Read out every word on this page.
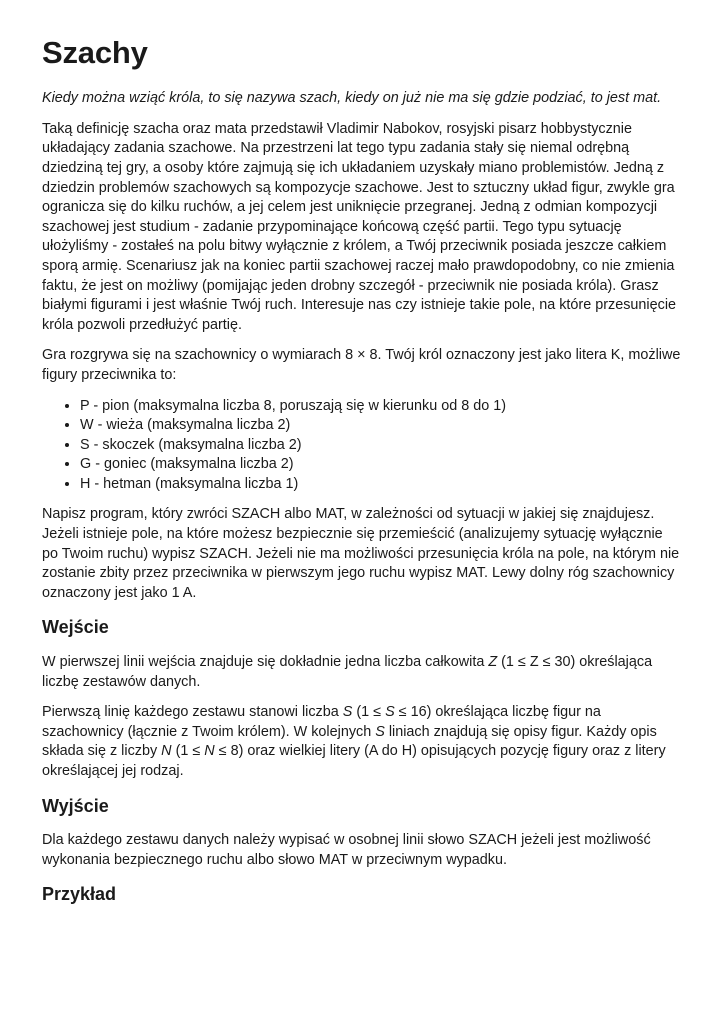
Szachy

Kiedy można wziąć króla, to się nazywa szach, kiedy on już nie ma się gdzie podziać, to jest mat.

Taką definicję szacha oraz mata przedstawił Vladimir Nabokov, rosyjski pisarz hobbystycznie układający zadania szachowe. Na przestrzeni lat tego typu zadania stały się niemal odrębną dziedziną tej gry, a osoby które zajmują się ich układaniem uzyskały miano problemistów. Jedną z dziedzin problemów szachowych są kompozycje szachowe. Jest to sztuczny układ figur, zwykle gra ogranicza się do kilku ruchów, a jej celem jest uniknięcie przegranej. Jedną z odmian kompozycji szachowej jest studium - zadanie przypominające końcową część partii. Tego typu sytuację ułożyliśmy - zostałeś na polu bitwy wyłącznie z królem, a Twój przeciwnik posiada jeszcze całkiem sporą armię. Scenariusz jak na koniec partii szachowej raczej mało prawdopodobny, co nie zmienia faktu, że jest on możliwy (pomijając jeden drobny szczegół - przeciwnik nie posiada króla). Grasz białymi figurami i jest właśnie Twój ruch. Interesuje nas czy istnieje takie pole, na które przesunięcie króla pozwoli przedłużyć partię.

Gra rozgrywa się na szachownicy o wymiarach 8 × 8. Twój król oznaczony jest jako litera K, możliwe figury przeciwnika to:

• P - pion (maksymalna liczba 8, poruszają się w kierunku od 8 do 1)
• W - wieża (maksymalna liczba 2)
• S - skoczek (maksymalna liczba 2)
• G - goniec (maksymalna liczba 2)
• H - hetman (maksymalna liczba 1)

Napisz program, który zwróci SZACH albo MAT, w zależności od sytuacji w jakiej się znajdujesz. Jeżeli istnieje pole, na które możesz bezpiecznie się przemieścić (analizujemy sytuację wyłącznie po Twoim ruchu) wypisz SZACH. Jeżeli nie ma możliwości przesunięcia króla na pole, na którym nie zostanie zbity przez przeciwnika w pierwszym jego ruchu wypisz MAT. Lewy dolny róg szachownicy oznaczony jest jako 1 A.

Wejście

W pierwszej linii wejścia znajduje się dokładnie jedna liczba całkowita Z (1 ≤ Z ≤ 30) określająca liczbę zestawów danych.

Pierwszą linię każdego zestawu stanowi liczba S (1 ≤ S ≤ 16) określająca liczbę figur na szachownicy (łącznie z Twoim królem). W kolejnych S liniach znajdują się opisy figur. Każdy opis składa się z liczby N (1 ≤ N ≤ 8) oraz wielkiej litery (A do H) opisujących pozycję figury oraz z litery określającej jej rodzaj.

Wyjście

Dla każdego zestawu danych należy wypisać w osobnej linii słowo SZACH jeżeli jest możliwość wykonania bezpiecznego ruchu albo słowo MAT w przeciwnym wypadku.

Przykład
